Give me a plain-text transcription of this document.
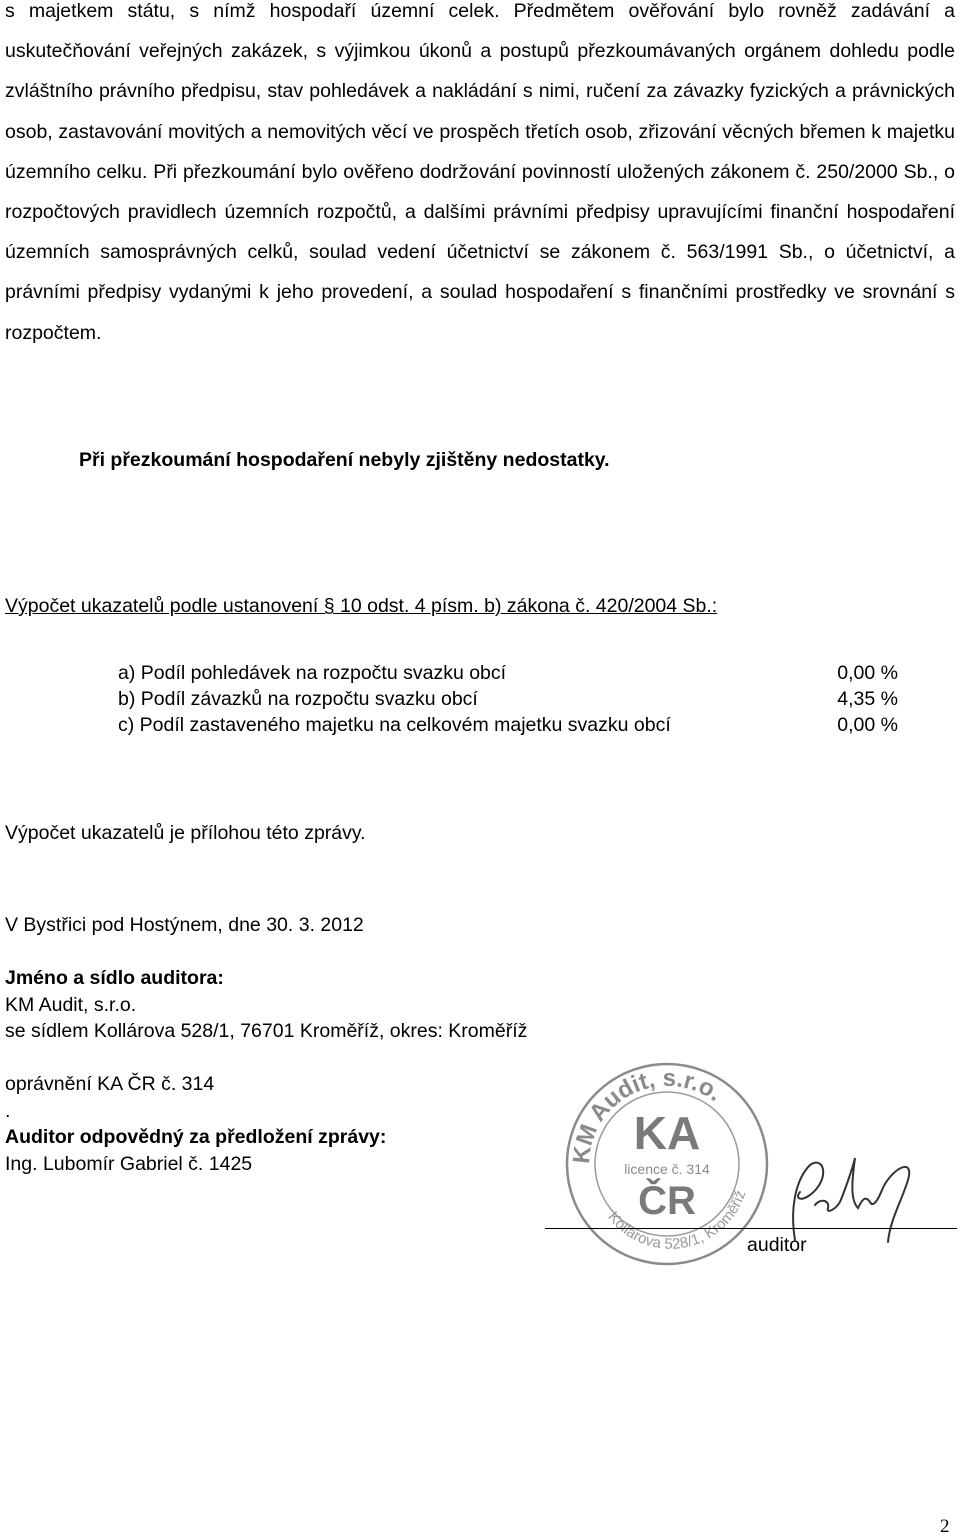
s majetkem státu, s nímž hospodaří územní celek. Předmětem ověřování bylo rovněž zadávání a uskutečňování veřejných zakázek, s výjimkou úkonů a postupů přezkoumávaných orgánem dohledu podle zvláštního právního předpisu, stav pohledávek a nakládání s nimi, ručení za závazky fyzických a právnických osob, zastavování movitých a nemovitých věcí ve prospěch třetích osob, zřizování věcných břemen k majetku územního celku. Při přezkoumání bylo ověřeno dodržování povinností uložených zákonem č. 250/2000 Sb., o rozpočtových pravidlech územních rozpočtů, a dalšími právními předpisy upravujícími finanční hospodaření územních samosprávných celků, soulad vedení účetnictví se zákonem č. 563/1991 Sb., o účetnictví, a právními předpisy vydanými k jeho provedení, a soulad hospodaření s finančními prostředky ve srovnání s rozpočtem.
Při přezkoumání hospodaření nebyly zjištěny nedostatky.
Výpočet ukazatelů podle ustanovení § 10 odst. 4 písm. b) zákona č. 420/2004 Sb.:
a) Podíl pohledávek na rozpočtu svazku obcí	0,00 %
b) Podíl závazků na rozpočtu svazku obcí	4,35 %
c) Podíl zastaveného majetku na celkovém majetku svazku obcí	0,00 %
Výpočet ukazatelů je přílohou této zprávy.
V Bystřici pod Hostýnem, dne 30. 3. 2012
Jméno a sídlo auditora:
KM Audit, s.r.o.
se sídlem Kollárova 528/1, 76701 Kroměříž, okres: Kroměříž
oprávnění KA ČR č. 314
.
Auditor odpovědný za předložení zprávy:
Ing. Lubomír Gabriel č. 1425	KM Audit, s.r.o.
Kollárova 528/1, Kroměříž
KA
licence č. 314
ČR
auditor
2
